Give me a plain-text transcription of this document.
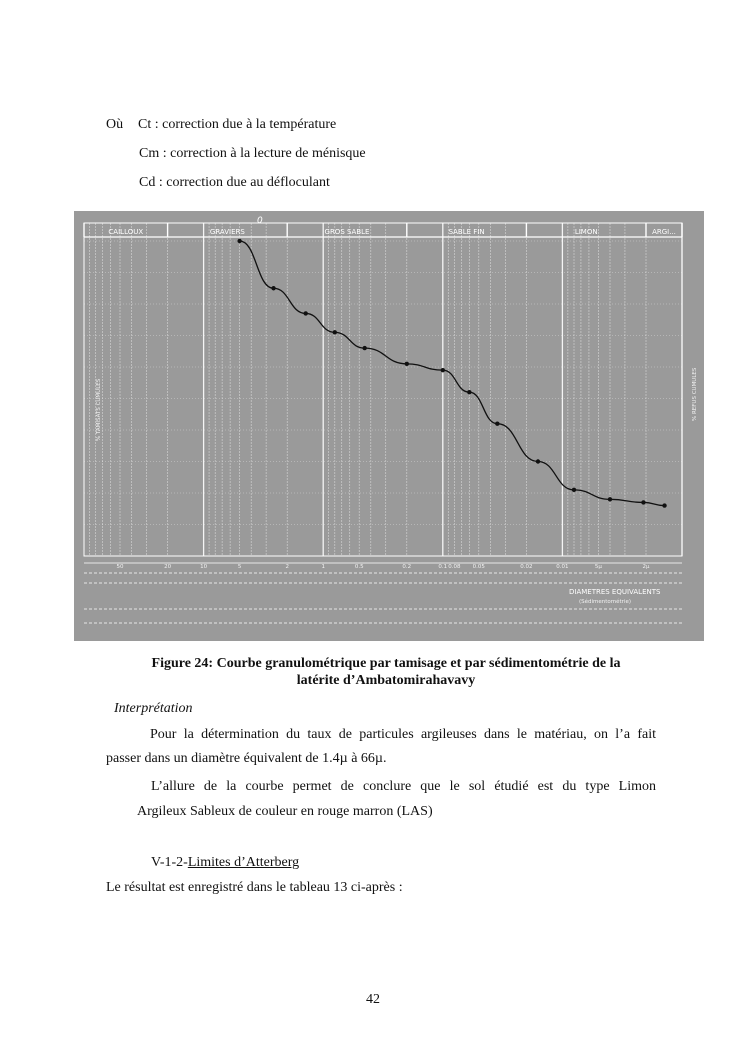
Où Ct : correction due à la température
Cm : correction à la lecture de ménisque
Cd : correction due au défloculant
CAILLOUX	GRAVIERS	GROS SABLE	SABLE FIN	LIMON	ARGI...
0
% TAMISATS CUMULES	% REFUS CUMULES
50	20	10	5	2	1	0.5	0.2	0.1 0.08 0.05	0.02	0.01	5µ	2µ
DIAMETRES EQUIVALENTS
(Sédimentométrie)
Figure 24: Courbe granulométrique par tamisage et par sédimentométrie de la
latérite d’Ambatomirahavavy
Interprétation
Pour la détermination du taux de particules argileuses dans le matériau, on l’a fait
passer dans un diamètre équivalent de 1.4µ à 66µ.
L’allure de la courbe permet de conclure que le sol étudié est du type Limon
Argileux Sableux de couleur en rouge marron (LAS)
V-1-2-Limites d’Atterberg
Le résultat est enregistré dans le tableau 13 ci-après :
42
